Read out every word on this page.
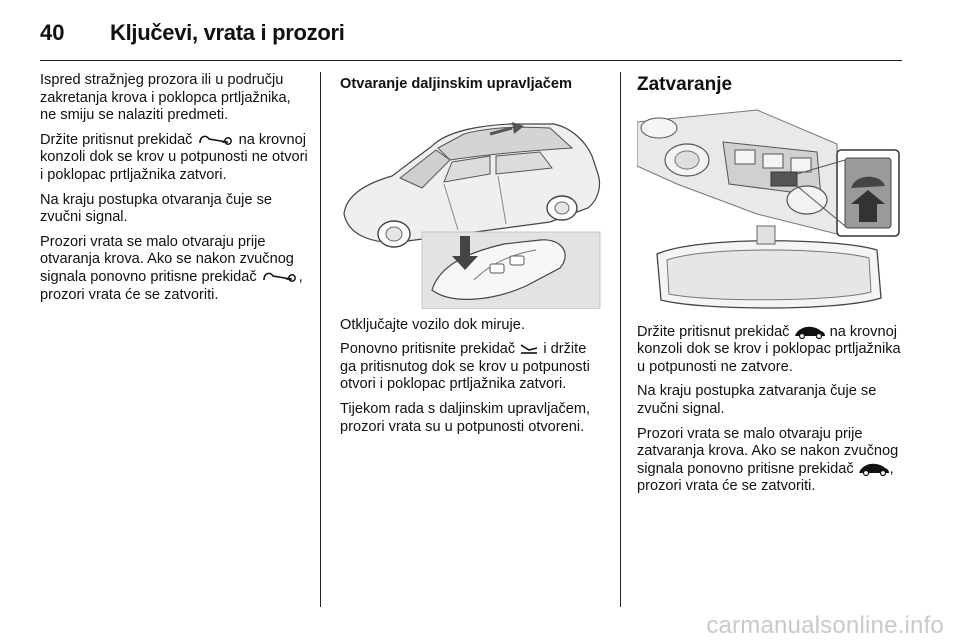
40	Ključevi, vrata i prozori

Ispred stražnjeg prozora ili u području zakretanja krova i poklopca prtljažnika, ne smiju se nalaziti predmeti.

Držite pritisnut prekidač	na krovnoj konzoli dok se krov u potpunosti ne otvori i poklopac prtljažnika zatvori.

Na kraju postupka otvaranja čuje se zvučni signal.

Prozori vrata se malo otvaraju prije otvaranja krova. Ako se nakon zvučnog signala ponovno pritisne prekidač	, prozori vrata će se zatvoriti.

Otvaranje daljinskim upravljačem

Otključajte vozilo dok miruje.

Ponovno pritisnite prekidač  i držite ga pritisnutog dok se krov u potpunosti otvori i poklopac prtljažnika zatvori.

Tijekom rada s daljinskim upravljačem, prozori vrata su u potpunosti otvoreni.

Zatvaranje

Držite pritisnut prekidač  na krovnoj konzoli dok se krov i poklopac prtljažnika u potpunosti ne zatvore.

Na kraju postupka zatvaranja čuje se zvučni signal.

Prozori vrata se malo otvaraju prije zatvaranja krova. Ako se nakon zvučnog signala ponovno pritisne prekidač , prozori vrata će se zatvoriti.

carmanualsonline.info
